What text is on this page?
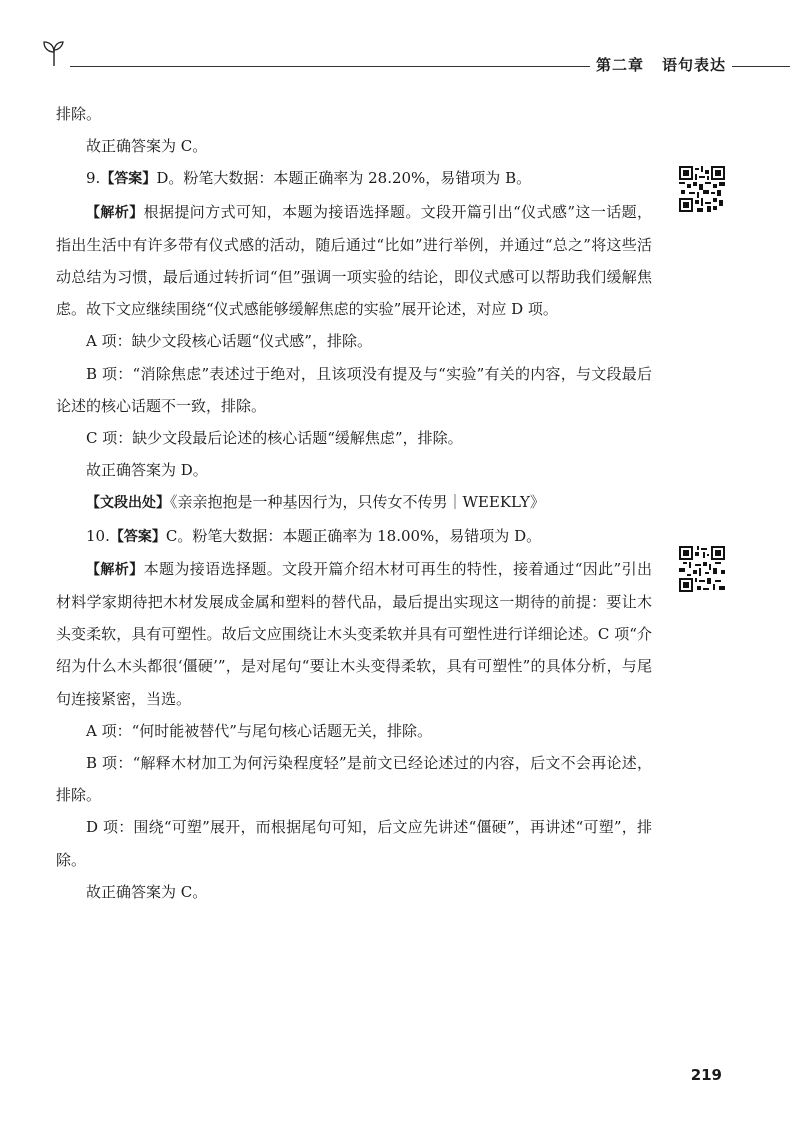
第二章 语句表达

排除。

故正确答案为 C。

9.【答案】D。粉笔大数据：本题正确率为 28.20%，易错项为 B。

【解析】根据提问方式可知，本题为接语选择题。文段开篇引出“仪式感”这一话题，指出生活中有许多带有仪式感的活动，随后通过“比如”进行举例，并通过“总之”将这些活动总结为习惯，最后通过转折词“但”强调一项实验的结论，即仪式感可以帮助我们缓解焦虑。故下文应继续围绕“仪式感能够缓解焦虑的实验”展开论述，对应 D 项。

A 项：缺少文段核心话题“仪式感”，排除。

B 项：“消除焦虑”表述过于绝对，且该项没有提及与“实验”有关的内容，与文段最后论述的核心话题不一致，排除。

C 项：缺少文段最后论述的核心话题“缓解焦虑”，排除。

故正确答案为 D。

【文段出处】《亲亲抱抱是一种基因行为，只传女不传男｜WEEKLY》

10.【答案】C。粉笔大数据：本题正确率为 18.00%，易错项为 D。

【解析】本题为接语选择题。文段开篇介绍木材可再生的特性，接着通过“因此”引出材料学家期待把木材发展成金属和塑料的替代品，最后提出实现这一期待的前提：要让木头变柔软，具有可塑性。故后文应围绕让木头变柔软并具有可塑性进行详细论述。C 项“介绍为什么木头都很‘僵硬’”，是对尾句“要让木头变得柔软，具有可塑性”的具体分析，与尾句连接紧密，当选。

A 项：“何时能被替代”与尾句核心话题无关，排除。

B 项：“解释木材加工为何污染程度轻”是前文已经论述过的内容，后文不会再论述，排除。

D 项：围绕“可塑”展开，而根据尾句可知，后文应先讲述“僵硬”，再讲述“可塑”，排除。

故正确答案为 C。

219
